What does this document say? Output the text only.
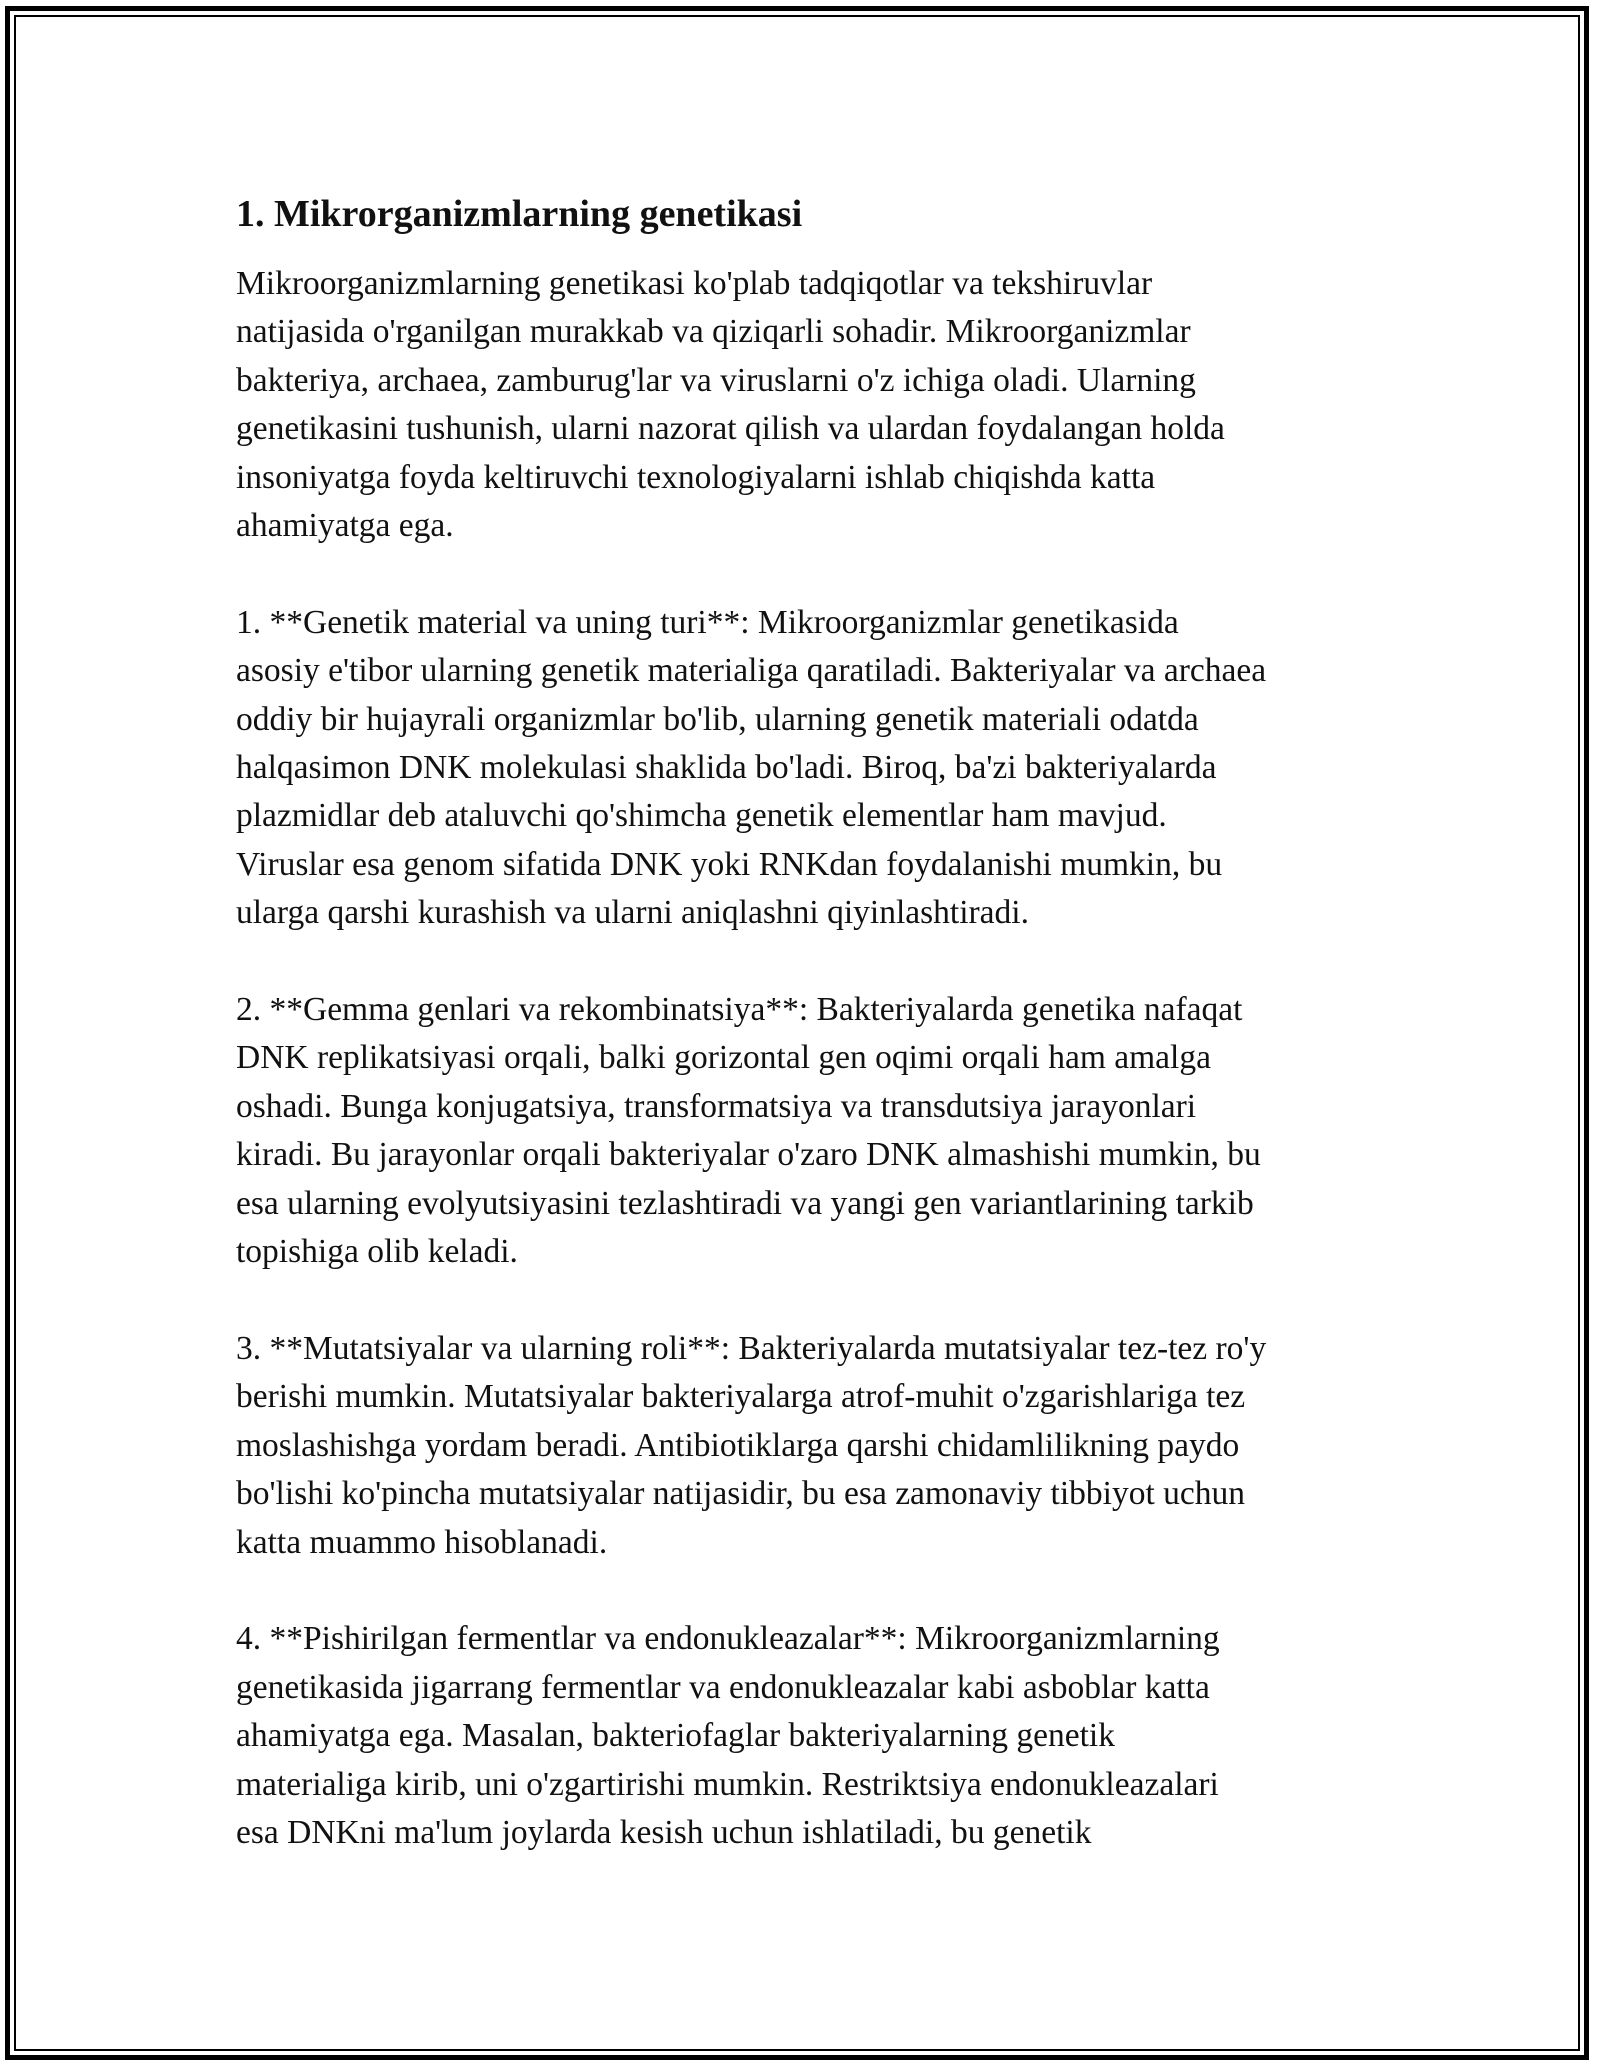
1. Mikrorganizmlarning genetikasi

Mikroorganizmlarning genetikasi ko'plab tadqiqotlar va tekshiruvlar
natijasida o'rganilgan murakkab va qiziqarli sohadir. Mikroorganizmlar
bakteriya, archaea, zamburug'lar va viruslarni o'z ichiga oladi. Ularning
genetikasini tushunish, ularni nazorat qilish va ulardan foydalangan holda
insoniyatga foyda keltiruvchi texnologiyalarni ishlab chiqishda katta
ahamiyatga ega.

1. **Genetik material va uning turi**: Mikroorganizmlar genetikasida
asosiy e'tibor ularning genetik materialiga qaratiladi. Bakteriyalar va archaea
oddiy bir hujayrali organizmlar bo'lib, ularning genetik materiali odatda
halqasimon DNK molekulasi shaklida bo'ladi. Biroq, ba'zi bakteriyalarda
plazmidlar deb ataluvchi qo'shimcha genetik elementlar ham mavjud.
Viruslar esa genom sifatida DNK yoki RNKdan foydalanishi mumkin, bu
ularga qarshi kurashish va ularni aniqlashni qiyinlashtiradi.

2. **Gemma genlari va rekombinatsiya**: Bakteriyalarda genetika nafaqat
DNK replikatsiyasi orqali, balki gorizontal gen oqimi orqali ham amalga
oshadi. Bunga konjugatsiya, transformatsiya va transdutsiya jarayonlari
kiradi. Bu jarayonlar orqali bakteriyalar o'zaro DNK almashishi mumkin, bu
esa ularning evolyutsiyasini tezlashtiradi va yangi gen variantlarining tarkib
topishiga olib keladi.

3. **Mutatsiyalar va ularning roli**: Bakteriyalarda mutatsiyalar tez-tez ro'y
berishi mumkin. Mutatsiyalar bakteriyalarga atrof-muhit o'zgarishlariga tez
moslashishga yordam beradi. Antibiotiklarga qarshi chidamlilikning paydo
bo'lishi ko'pincha mutatsiyalar natijasidir, bu esa zamonaviy tibbiyot uchun
katta muammo hisoblanadi.

4. **Pishirilgan fermentlar va endonukleazalar**: Mikroorganizmlarning
genetikasida jigarrang fermentlar va endonukleazalar kabi asboblar katta
ahamiyatga ega. Masalan, bakteriofaglar bakteriyalarning genetik
materialiga kirib, uni o'zgartirishi mumkin. Restriktsiya endonukleazalari
esa DNKni ma'lum joylarda kesish uchun ishlatiladi, bu genetik
